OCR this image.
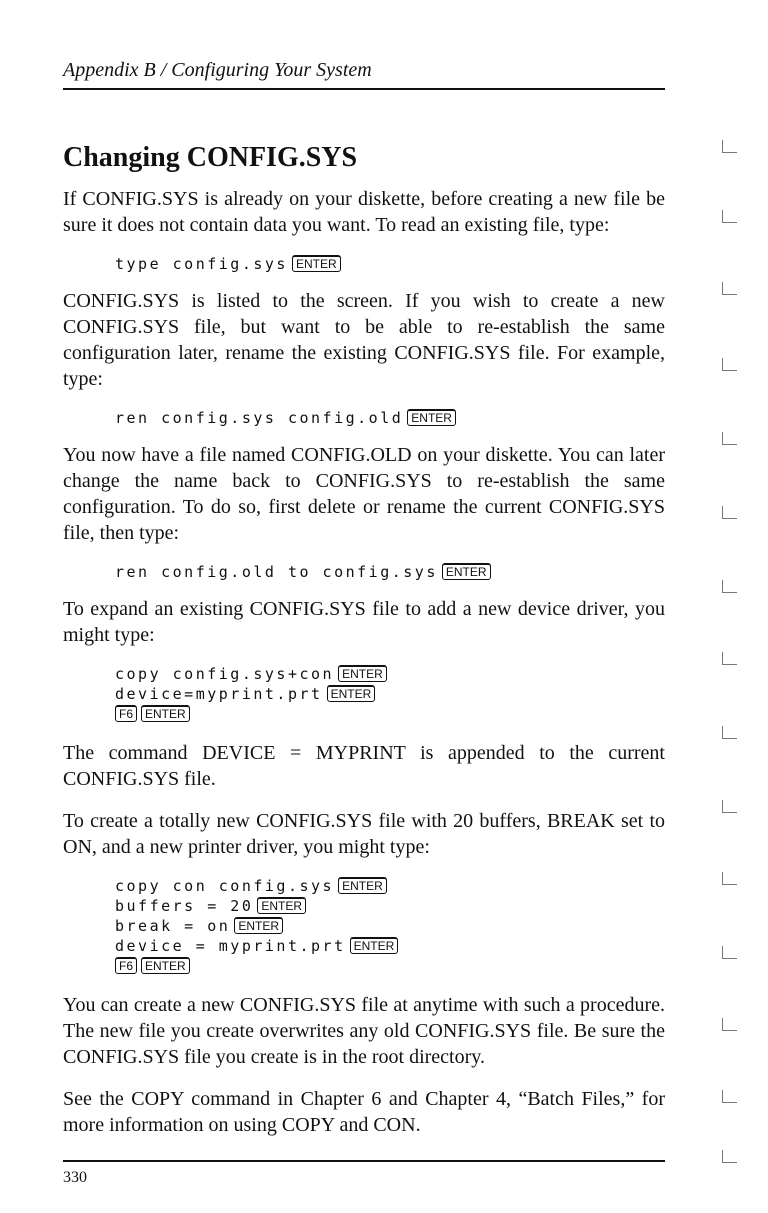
Appendix B / Configuring Your System
Changing CONFIG.SYS

If CONFIG.SYS is already on your diskette, before creating a new file be sure it does not contain data you want. To read an existing file, type:

type config.sys ENTER

CONFIG.SYS is listed to the screen. If you wish to create a new CONFIG.SYS file, but want to be able to re-establish the same configuration later, rename the existing CONFIG.SYS file. For example, type:

ren config.sys config.old ENTER

You now have a file named CONFIG.OLD on your diskette. You can later change the name back to CONFIG.SYS to re-establish the same configuration. To do so, first delete or rename the current CONFIG.SYS file, then type:

ren config.old to config.sys ENTER

To expand an existing CONFIG.SYS file to add a new device driver, you might type:

copy config.sys+con ENTER
device=myprint.prt ENTER
F6 ENTER

The command DEVICE = MYPRINT is appended to the current CONFIG.SYS file.

To create a totally new CONFIG.SYS file with 20 buffers, BREAK set to ON, and a new printer driver, you might type:

copy con config.sys ENTER
buffers = 20 ENTER
break = on ENTER
device = myprint.prt ENTER
F6 ENTER

You can create a new CONFIG.SYS file at anytime with such a procedure. The new file you create overwrites any old CONFIG.SYS file. Be sure the CONFIG.SYS file you create is in the root directory.

See the COPY command in Chapter 6 and Chapter 4, “Batch Files,” for more information on using COPY and CON.

330
